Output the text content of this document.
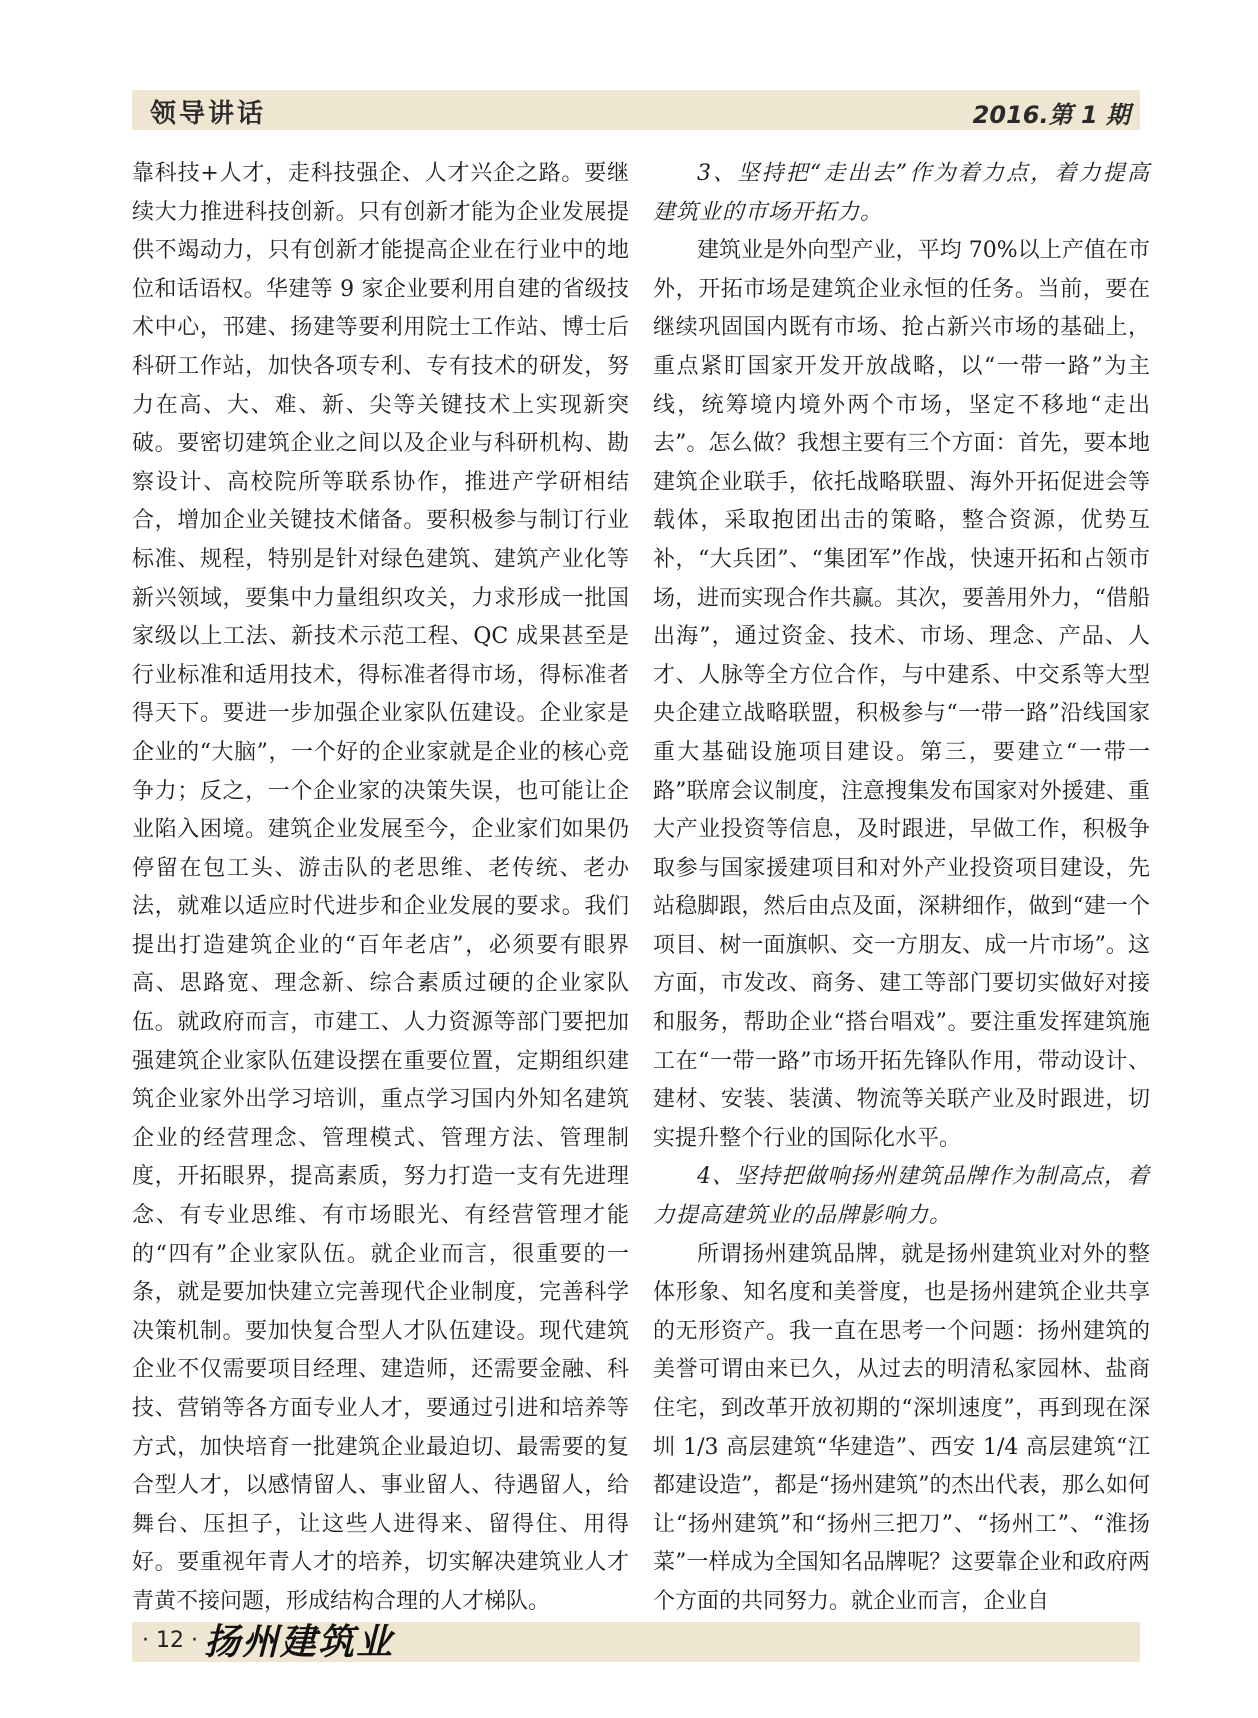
领导讲话	2016.第 1 期

靠科技+人才，走科技强企、人才兴企之路。要继续大力推进科技创新。只有创新才能为企业发展提供不竭动力，只有创新才能提高企业在行业中的地位和话语权。华建等 9 家企业要利用自建的省级技术中心，邗建、扬建等要利用院士工作站、博士后科研工作站，加快各项专利、专有技术的研发，努力在高、大、难、新、尖等关键技术上实现新突破。要密切建筑企业之间以及企业与科研机构、勘察设计、高校院所等联系协作，推进产学研相结合，增加企业关键技术储备。要积极参与制订行业标准、规程，特别是针对绿色建筑、建筑产业化等新兴领域，要集中力量组织攻关，力求形成一批国家级以上工法、新技术示范工程、QC 成果甚至是行业标准和适用技术，得标准者得市场，得标准者得天下。要进一步加强企业家队伍建设。企业家是企业的“大脑”，一个好的企业家就是企业的核心竞争力；反之，一个企业家的决策失误，也可能让企业陷入困境。建筑企业发展至今，企业家们如果仍停留在包工头、游击队的老思维、老传统、老办法，就难以适应时代进步和企业发展的要求。我们提出打造建筑企业的“百年老店”，必须要有眼界高、思路宽、理念新、综合素质过硬的企业家队伍。就政府而言，市建工、人力资源等部门要把加强建筑企业家队伍建设摆在重要位置，定期组织建筑企业家外出学习培训，重点学习国内外知名建筑企业的经营理念、管理模式、管理方法、管理制度，开拓眼界，提高素质，努力打造一支有先进理念、有专业思维、有市场眼光、有经营管理才能的“四有”企业家队伍。就企业而言，很重要的一条，就是要加快建立完善现代企业制度，完善科学决策机制。要加快复合型人才队伍建设。现代建筑企业不仅需要项目经理、建造师，还需要金融、科技、营销等各方面专业人才，要通过引进和培养等方式，加快培育一批建筑企业最迫切、最需要的复合型人才，以感情留人、事业留人、待遇留人，给舞台、压担子，让这些人进得来、留得住、用得好。要重视年青人才的培养，切实解决建筑业人才青黄不接问题，形成结构合理的人才梯队。

3、坚持把“走出去”作为着力点，着力提高建筑业的市场开拓力。

建筑业是外向型产业，平均 70%以上产值在市外，开拓市场是建筑企业永恒的任务。当前，要在继续巩固国内既有市场、抢占新兴市场的基础上，重点紧盯国家开发开放战略，以“一带一路”为主线，统筹境内境外两个市场，坚定不移地“走出去”。怎么做？我想主要有三个方面：首先，要本地建筑企业联手，依托战略联盟、海外开拓促进会等载体，采取抱团出击的策略，整合资源，优势互补，“大兵团”、“集团军”作战，快速开拓和占领市场，进而实现合作共赢。其次，要善用外力，“借船出海”，通过资金、技术、市场、理念、产品、人才、人脉等全方位合作，与中建系、中交系等大型央企建立战略联盟，积极参与“一带一路”沿线国家重大基础设施项目建设。第三，要建立“一带一路”联席会议制度，注意搜集发布国家对外援建、重大产业投资等信息，及时跟进，早做工作，积极争取参与国家援建项目和对外产业投资项目建设，先站稳脚跟，然后由点及面，深耕细作，做到“建一个项目、树一面旗帜、交一方朋友、成一片市场”。这方面，市发改、商务、建工等部门要切实做好对接和服务，帮助企业“搭台唱戏”。要注重发挥建筑施工在“一带一路”市场开拓先锋队作用，带动设计、建材、安装、装潢、物流等关联产业及时跟进，切实提升整个行业的国际化水平。

4、坚持把做响扬州建筑品牌作为制高点，着力提高建筑业的品牌影响力。

所谓扬州建筑品牌，就是扬州建筑业对外的整体形象、知名度和美誉度，也是扬州建筑企业共享的无形资产。我一直在思考一个问题：扬州建筑的美誉可谓由来已久，从过去的明清私家园林、盐商住宅，到改革开放初期的“深圳速度”，再到现在深圳 1/3 高层建筑“华建造”、西安 1/4 高层建筑“江都建设造”，都是“扬州建筑”的杰出代表，那么如何让“扬州建筑”和“扬州三把刀”、“扬州工”、“淮扬菜”一样成为全国知名品牌呢？这要靠企业和政府两个方面的共同努力。就企业而言，企业自

· 12 · 扬州建筑业
